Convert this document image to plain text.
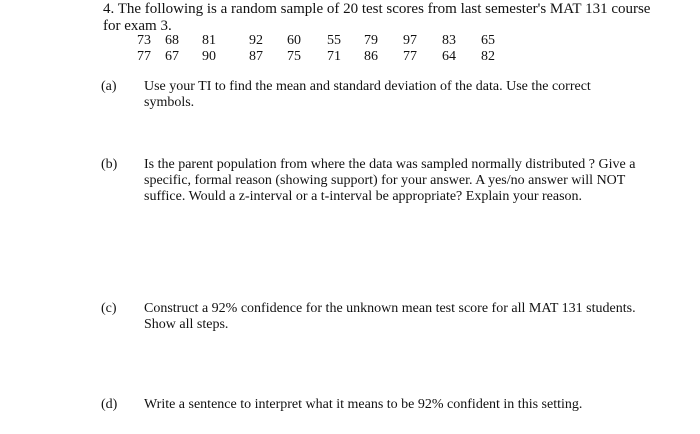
4. The following is a random sample of 20 test scores from last semester's MAT 131 course for exam 3.
73	68	81	92	60	55	79	97	83	65
77	67	90	87	75	71	86	77	64	82
(a) Use your TI to find the mean and standard deviation of the data. Use the correct symbols.
(b) Is the parent population from where the data was sampled normally distributed ? Give a specific, formal reason (showing support) for your answer. A yes/no answer will NOT suffice. Would a z-interval or a t-interval be appropriate? Explain your reason.
(c) Construct a 92% confidence for the unknown mean test score for all MAT 131 students. Show all steps.
(d) Write a sentence to interpret what it means to be 92% confident in this setting.
